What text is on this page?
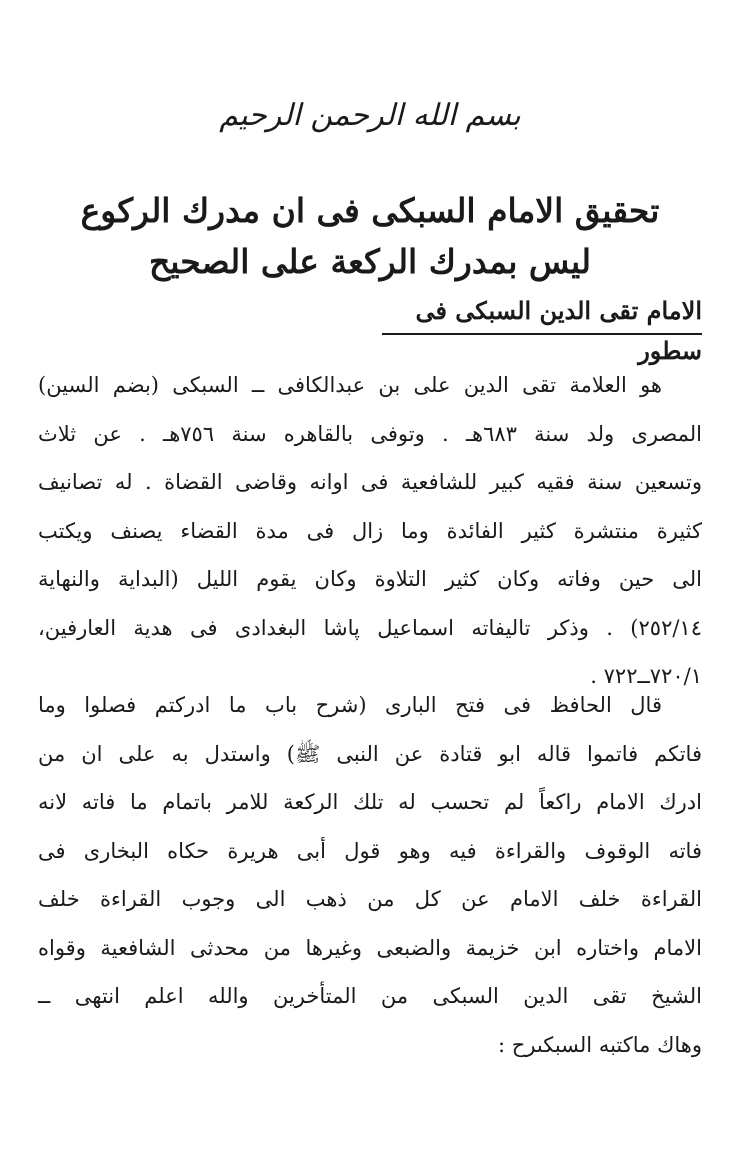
بسم الله الرحمن الرحيم
تحقيق الامام السبكى فى ان مدرك الركوع
ليس بمدرك الركعة على الصحيح
الامام تقى الدين السبكى فى سطور
هو العلامة تقى الدين على بن عبدالكافى ــ السبكى (بضم السين)
المصرى ولد سنة ٦٨٣هـ . وتوفى بالقاهره سنة ٧٥٦هـ . عن ثلاث
وتسعين سنة فقيه كبير للشافعية فى اوانه وقاضى القضاة . له تصانيف
كثيرة منتشرة كثير الفائدة وما زال فى مدة القضاء يصنف ويكتب
الى حين وفاته وكان كثير التلاوة وكان يقوم الليل (البداية والنهاية
٢٥٢/١٤) . وذكر تاليفاته اسماعيل پاشا البغدادى فى هدية العارفين،
٧٢٠/١ــ٧٢٢ .
قال الحافظ فى فتح البارى (شرح باب ما ادركتم فصلوا وما
فاتكم فاتموا قاله ابو قتادة عن النبى ﷺ) واستدل به على ان من
ادرك الامام راكعاً لم تحسب له تلك الركعة للامر باتمام ما فاته لانه
فاته الوقوف والقراءة فيه وهو قول أبى هريرة حكاه البخارى فى
القراءة خلف الامام عن كل من ذهب الى وجوب القراءة خلف
الامام واختاره ابن خزيمة والضبعى وغيرها من محدثى الشافعية وقواه
الشيخ تقى الدين السبكى من المتأخرين والله اعلم انتهى ــ
وهاك ماكتبه السبكىرح :
